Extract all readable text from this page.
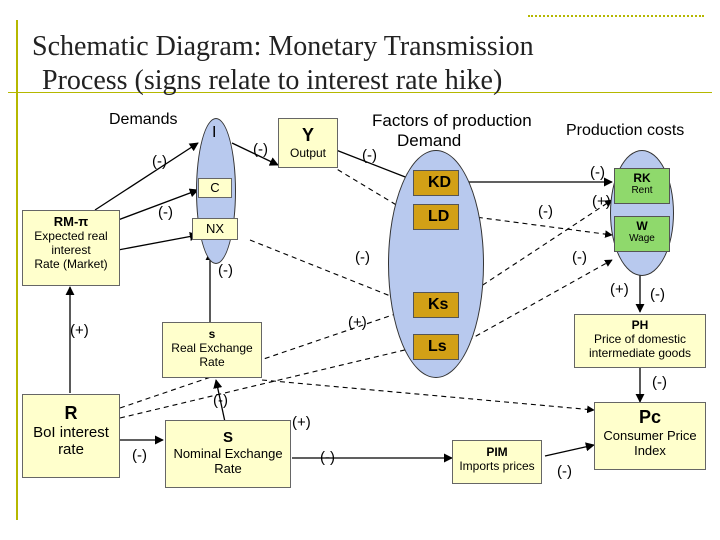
Schematic Diagram: Monetary Transmission
Process (signs relate to interest rate hike)
Demands	Factors of production
Demand
Production costs
I
C
NX
Y
Output
RM-π
Expected real
interest
Rate (Market)
KD
LD
Ks
Ls
RK
Rent
W
Wage
PH
Price of domestic
intermediate goods
s
Real Exchange
Rate
R
BoI interest
rate
S
Nominal Exchange
Rate
PIM
Imports prices
Pc
Consumer Price
Index
(-)
(-)
(-)	(-)
(-)
(-)
(-)
(+)
(-)
(-)
(+) (-)
(+)
(+)
(-)
(-)
(-)
(+)
(-)
(-)
